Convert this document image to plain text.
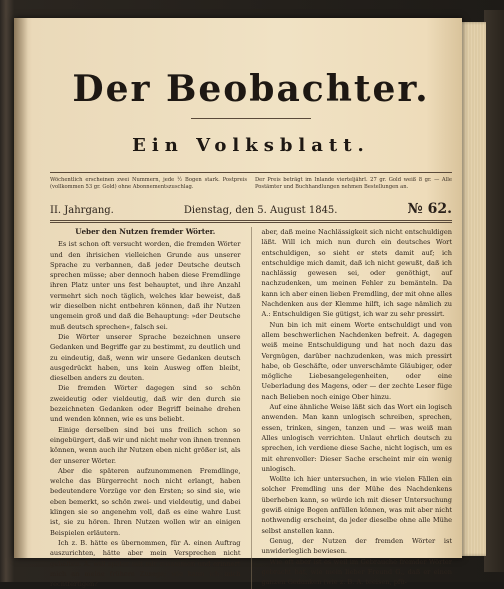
Der Beobachter.
Ein Volksblatt.
Wöchentlich erscheinen zwei Nummern, jede ½ Bogen stark. Postpreis (vollkommen 53 gr. Gold) ohne Abonnementszuschlag.
Der Preis beträgt im Inlande vierteljährl. 27 gr. Gold weiß 8 gr. — Alle Postämter und Buchhandlungen nehmen Bestellungen an.
II. Jahrgang.	Dienstag, den 5. August 1845.	№ 62.
Ueber den Nutzen fremder Wörter.

Es ist schon oft versucht worden, die fremden Wörter und den ihrisichen vielleichen Grunde aus unserer Sprache zu verbannen, daß jeder Deutsche deutsch sprechen müsse; aber dennoch haben diese Fremdlinge ihren Platz unter uns fest behauptet, und ihre Anzahl vermehrt sich noch täglich, welches klar beweist, daß wir dieselben nicht entbehren können, daß ihr Nutzen ungemein groß und daß die Behauptung: »der Deutsche muß deutsch sprechen«, falsch sei.

Die Wörter unserer Sprache bezeichnen unsere Gedanken und Begriffe gar zu bestimmt, zu deutlich und zu eindeutig, daß, wenn wir unsere Gedanken deutsch ausgedrückt haben, uns kein Ausweg offen bleibt, dieselben anders zu deuten.

Die fremden Wörter dagegen sind so schön zweideutig oder vieldeutig, daß wir den durch sie bezeichneten Gedanken oder Begriff beinahe drehen und wenden können, wie es uns beliebt.

Einige derselben sind bei uns freilich schon so eingebürgert, daß wir und nicht mehr von ihnen trennen können, wenn auch ihr Nutzen eben nicht größer ist, als der unserer Wörter.

Aber die späteren aufzunommenen Fremdlinge, welche das Bürgerrecht noch nicht erlangt, haben bedeutendere Vorzüge vor den Ersten; so sind sie, wie eben bemerkt, so schön zwei- und vieldeutig, und dabei klingen sie so angenehm voll, daß es eine wahre Lust ist, sie zu hören. Ihren Nutzen wollen wir an einigen Beispielen erläutern.

Ich z. B. hätte es übernommen, für A. einen Auftrag auszurichten, hätte aber mein Versprechen nicht gehalten. A. will später mit mir zusammen und erinnert mich an meine frühere Zusage; wie kann ich mich rechtfertigen?

aber, daß meine Nachlässigkeit sich nicht entschuldigen läßt. Will ich mich nun durch ein deutsches Wort entschuldigen, so sieht er stets damit auf; ich entschuldige mich damit, daß ich nicht gewußt, daß ich nachlässig gewesen sei, oder genöthigt, auf nachzudenken, um meinen Fehler zu bemänteln. Da kann ich aber einen lieben Fremdling, der mit ohne alles Nachdenken aus der Klemme hilft, ich sage nämlich zu A.: Entschuldigen Sie gütigst, ich war zu sehr pressirt.

Nun bin ich mit einem Worte entschuldigt und von allem beschwerlichen Nachdenken befreit. A. dagegen weiß meine Entschuldigung und hat noch dazu das Vergnügen, darüber nachzudenken, was mich pressirt habe, ob Geschäfte, oder unverschämte Gläubiger, oder mögliche Liebesangelegenheiten, oder eine Ueberladung des Magens, oder — der zechte Leser füge nach Belieben noch einige Ober hinzu.

Auf eine ähnliche Weise läßt sich das Wort ein logisch anwenden. Man kann unlogisch schreiben, sprechen, essen, trinken, singen, tanzen und — was weiß man Alles unlogisch verrichten. Unlaut ehrlich deutsch zu sprechen, ich verdiene diese Sache, nicht logisch, um es mit ehrenvoller: Dieser Sache erscheint mir ein wenig unlogisch.

Wollte ich hier untersuchen, in wie vielen Fällen ein solcher Fremdling uns der Mühe des Nachdenkens überheben kann, so würde ich mit dieser Untersuchung gewiß einige Bogen anfüllen können, was mit aber nicht nothwendig erscheint, da jeder dieselbe ohne alle Mühe selbst anstellen kann.

Genug, der Nutzen der fremden Wörter ist unwiderleglich bewiesen.

Wie oft aber ist es weil im Gebrauche fremder Wörter gebracht hat, wie mein lieber Freund G., daß er einen ganzen Gedanken (wie z. B. A. teeisen, pfü-
